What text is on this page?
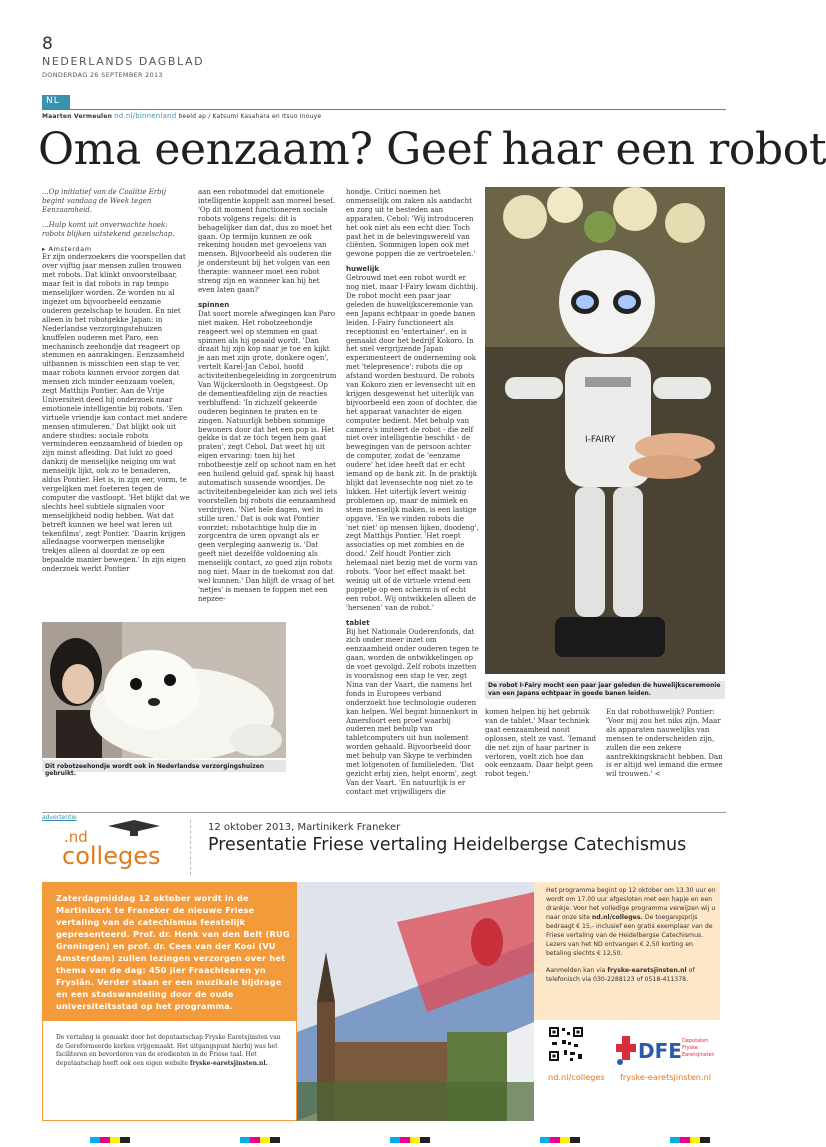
8
NEDERLANDS DAGBLAD
DONDERDAG 26 SEPTEMBER 2013
NL
Maarten Vermeulen nd.nl/binnenland beeld ap / Katsumi Kasahara en Itsuo Inouye
Oma eenzaam? Geef haar een robot

...Op initiatief van de Coalitie Erbij begint vandaag de Week tegen Eenzaamheid.

...Hulp komt uit onverwachte hoek: robots blijken uitstekend gezelschap.

▸ Amsterdam

Er zijn onderzoekers die voorspellen dat over vijftig jaar mensen zullen trouwen met robots. Dat klinkt onvoorstelbaar, maar feit is dat robots in rap tempo menselijker worden. Ze worden nu al ingezet om bijvoorbeeld eenzame ouderen gezelschap te houden. En niet alleen in het robotgekke Japan: in Nederlandse verzorgingstehuizen knuffelen ouderen met Paro, een mechanisch zeehondje dat reageert op stemmen en aanrakingen. Eenzaamheid uitbannen is misschien een stap te ver, maar robots kunnen ervoor zorgen dat mensen zich minder eenzaam voelen, zegt Matthijs Pontier. Aan de Vrije Universiteit deed hij onderzoek naar emotionele intelligentie bij robots. 'Een virtuele vriendje kan contact met andere mensen stimuleren.' Dat blijkt ook uit andere studies: sociale robots verminderen eenzaamheid of bieden op zijn minst afleiding. Dat lukt zo goed dankzij de menselijke neiging om wat menselijk lijkt, ook zo te benaderen, aldus Pontier. Het is, in zijn eer, vorm, te vergelijken met foeteren tegen de computer die vastloopt. 'Het blijkt dat we slechts heel subtiele signalen voor menselijkheid nodig hebben. Wat dat betreft kunnen we heel wat leren uit tekenfilms', zegt Pontier. 'Daarin krijgen alledaagse voorwerpen menselijke trekjes alleen al doordat ze op een bepaalde manier bewegen.' In zijn eigen onderzoek werkt Pontier

aan een robotmodel dat emotionele intelligentie koppelt aan moreel besef. 'Op dit moment functioneren sociale robots volgens regels: dit is behagelijker dan dat, dus zo moet het gaan. Op termijn kunnen ze ook rekening houden met gevoelens van mensen. Bijvoorbeeld als ouderen die je ondersteunt bij het volgen van een therapie: wanneer moet een robot streng zijn en wanneer kan hij het even laten gaan?'

spinnen

Dat soort morele afwegingen kan Paro niet maken. Het robotzeehondje reageert wel op stemmen en gaat spinnen als hij geaaid wordt. 'Dan draait hij zijn kop naar je toe en kijkt je aan met zijn grote, donkere ogen', vertelt Karel-Jan Cebol, hoofd activiteitenbegeleiding in zorgcentrum Van Wijckerslooth in Oegstgeest. Op de dementieafdeling zijn de reacties verbluffend: 'In zichzelf gekeerde ouderen beginnen te praten en te zingen. Natuurlijk hebben sommige bewoners door dat het een pop is. Het gekke is dat ze tóch tegen hem gaat praten', zegt Cebol. Dat weet hij uit eigen ervaring: toen hij het robotbeestje zelf op schoot nam en het een huilend geluid gaf, sprak hij haast automatisch sussende woordjes. De activiteitenbegeleider kan zich wel iets voorstellen bij robots die eenzaamheid verdrijven. 'Niet hele dagen, wel in stille uren.' Dat is ook wat Pontier voorziet: robotachtige hulp die in zorgcentra de uren opvangt als er geen verpleging aanwezig is. 'Dat geeft niet dezelfde voldoening als menselijk contact, zo goed zijn robots nog niet. Maar in de toekomst zou dat wel kunnen.' Dan blijft de vraag of het 'netjes' is mensen te foppen met een nepzee-

hondje. Critici noemen het onmenselijk om zaken als aandacht en zorg uit te besteden aan apparaten. Cebol: 'Wij introduceren het ook niet als een echt dier. Toch past het in de belevingswereld van cliënten. Sommigen lopen ook met gewone poppen die ze vertroetelen.'

huwelijk

Getrouwd met een robot wordt er nog niet, maar I-Fairy kwam dichtbij. De robot mocht een paar jaar geleden de huwelijksceremonie van een Japans echtpaar in goede banen leiden. I-Fairy functioneert als receptionist en 'entertainer', en is gemaakt door het bedrijf Kokoro. In het snel vergrijzende Japan experimenteert de onderneming ook met 'telepresence': robots die op afstand worden bestuurd. De robots van Kokoro zien er levensecht uit en krijgen desgewenst het uiterlijk van bijvoorbeeld een zoon of dochter, die het apparaat vanachter de eigen computer bedient. Met behulp van camera's imiteert de robot - die zelf niet over intelligentie beschikt - de bewegingen van de persoon achter de computer, zodat de 'eenzame oudere' het idee heeft dat er echt iemand op de bank zit. In de praktijk blijkt dat levensechte nog niet zo te lukken. Het uiterlijk levert weinig problemen op, maar de mimiek en stem menselijk maken, is een lastige opgave. 'En we vinden robots die 'net niet' op mensen lijken, doodeng', zegt Matthijs Pontier. 'Het roept associaties op met zombies en de dood.' Zelf houdt Pontier zich helemaal niet bezig met de vorm van robots. 'Voor het effect maakt het weinig uit of de virtuele vriend een poppetje op een scherm is of echt een robot. Wij ontwikkelen alleen de 'hersenen' van de robot.'

tablet

Bij het Nationale Ouderenfonds, dat zich onder meer inzet om eenzaamheid onder ouderen tegen te gaan, worden de ontwikkelingen op de voet gevolgd. Zelf robots inzetten is vooralsnog een stap te ver, zegt Nina van der Vaart, die namens het fonds in Europees verband onderzoekt hoe technologie ouderen kan helpen. Wel begint binnenkort in Amersfoort een proef waarbij ouderen met behulp van tabletcomputers uit hun isolement worden gehaald. Bijvoorbeeld door met behulp van Skype te verbinden met lotgenoten of familieleden. 'Dat gezicht erbij zien, helpt enorm', zegt Van der Vaart. 'En natuurlijk is er contact met vrijwilligers die

komen helpen bij het gebruik van de tablet.' Maar techniek gaat eenzaamheid nooit oplossen, stelt ze vast. 'Iemand die net zijn of haar partner is verloren, voelt zich hoe dan ook eenzaam. Daar helpt geen robot tegen.'

En dat robothuwelijk? Pontier: 'Voor mij zou het niks zijn. Maar als apparaten nauwelijks van mensen te onderscheiden zijn, zullen die een zekere aantrekkingskracht hebben. Dan is er altijd wel iemand die ermee wil trouwen.' <

Dit robotzeehondje wordt ook in Nederlandse verzorgingshuizen gebruikt.
I-FAIRY
De robot I-Fairy mocht een paar jaar geleden de huwelijksceremonie van een Japans echtpaar in goede banen leiden.
advertentie
.nd
colleges
12 oktober 2013, Martinikerk Franeker
Presentatie Friese vertaling Heidelbergse Catechismus
Zaterdagmiddag 12 oktober wordt in de Martinikerk te Franeker de nieuwe Friese vertaling van de catechismus feestelijk gepresenteerd. Prof. dr. Henk van den Belt (RUG Groningen) en prof. dr. Cees van der Kooi (VU Amsterdam) zullen lezingen verzorgen over het thema van de dag: 450 jier Fraachlearen yn Fryslân. Verder staan er een muzikale bijdrage en een stadswandeling door de oude universiteitsstad op het programma.
Het programma begint op 12 oktober om 13.30 uur en wordt om 17.00 uur afgesloten met een hapje en een drankje. Voor het volledige programma verwijzen wij u naar onze site nd.nl/colleges. De toegangsprijs bedraagt € 15,- inclusief een gratis exemplaar van de Friese vertaling van de Heidelbergse Catechismus. Lezers van het ND ontvangen € 2,50 korting en betaling slechts € 12,50.
Aanmelden kan via fryske-earetsjinsten.nl of telefonisch via 030-2288123 of 0518-411378.
De vertaling is gemaakt door het deputaatschap Fryske Earetsjinsten van de Gereformeerde kerken vrijgemaakt. Het uitgangspunt hierbij was het faciliteren en bevorderen van de eredienten in de Friese taal. Het deputaatschap heeft ook een eigen website fryske-earetsjinsten.nl.	DFE Deputaten
Fryske
Earetsjinsten
nd.nl/colleges fryske-earetsjinsten.nl
